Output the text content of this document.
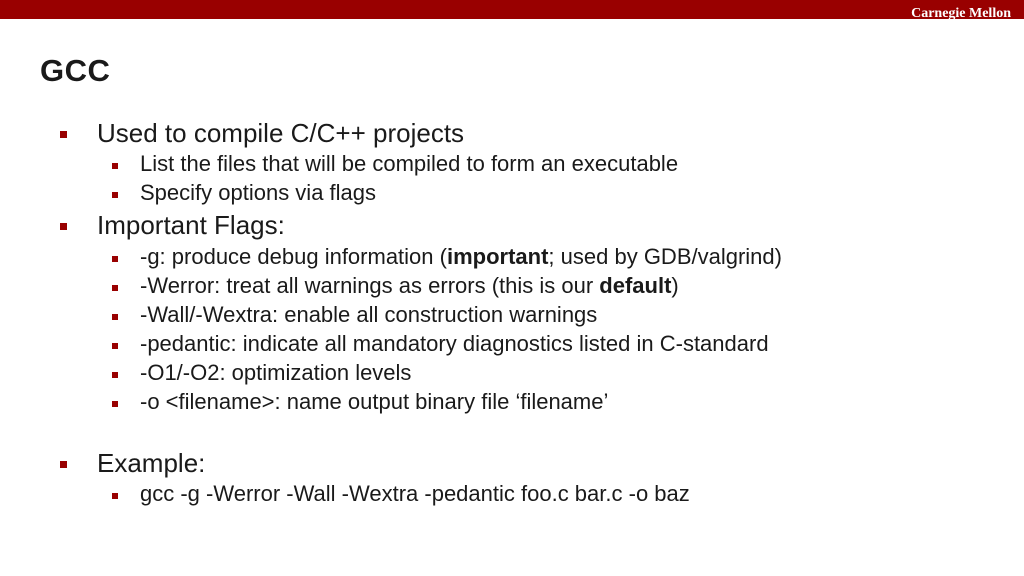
Carnegie Mellon
GCC
Used to compile C/C++ projects
List the files that will be compiled to form an executable
Specify options via flags
Important Flags:
-g: produce debug information (important; used by GDB/valgrind)
-Werror: treat all warnings as errors (this is our default)
-Wall/-Wextra: enable all construction warnings
-pedantic: indicate all mandatory diagnostics listed in C-standard
-O1/-O2: optimization levels
-o <filename>: name output binary file ‘filename’
Example:
gcc -g -Werror -Wall -Wextra -pedantic foo.c bar.c -o baz
